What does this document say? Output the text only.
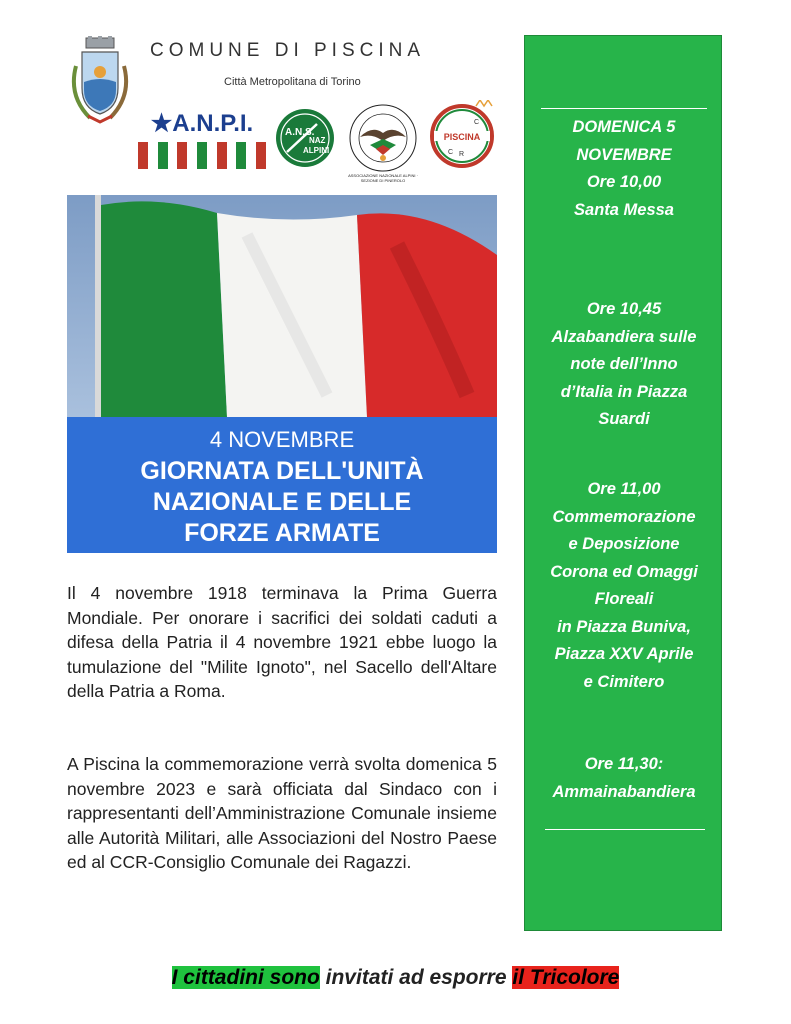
COMUNE DI PISCINA
Città Metropolitana di Torino
★A.N.P.I.	A.N.S.
NAZ
ALPINI
ASSOCIAZIONE NAZIONALE ALPINI · SEZIONE DI PINEROLO
PISCINA
C
C R
4 NOVEMBRE
GIORNATA DELL'UNITÀ
NAZIONALE E DELLE
FORZE ARMATE
Il 4 novembre 1918 terminava la Prima Guerra Mondiale. Per onorare i sacrifici dei soldati caduti a difesa della Patria il 4 novembre 1921 ebbe luogo la tumulazione del "Milite Ignoto", nel Sacello dell'Altare della Patria a Roma.
A Piscina la commemorazione verrà svolta domenica 5 novembre 2023 e sarà officiata dal Sindaco con i rappresentanti dell’Amministrazione Comunale insieme alle Autorità Militari, alle Associazioni del Nostro Paese ed al CCR-Consiglio Comunale dei Ragazzi.
DOMENICA 5
NOVEMBRE
Ore 10,00
Santa Messa
Ore 10,45
Alzabandiera sulle
note dell’Inno
d’Italia in Piazza
Suardi
Ore 11,00
Commemorazione
e Deposizione
Corona ed Omaggi
Floreali
in Piazza Buniva,
Piazza XXV Aprile
e Cimitero
Ore 11,30:
Ammainabandiera
I cittadini sono invitati ad esporre il Tricolore
